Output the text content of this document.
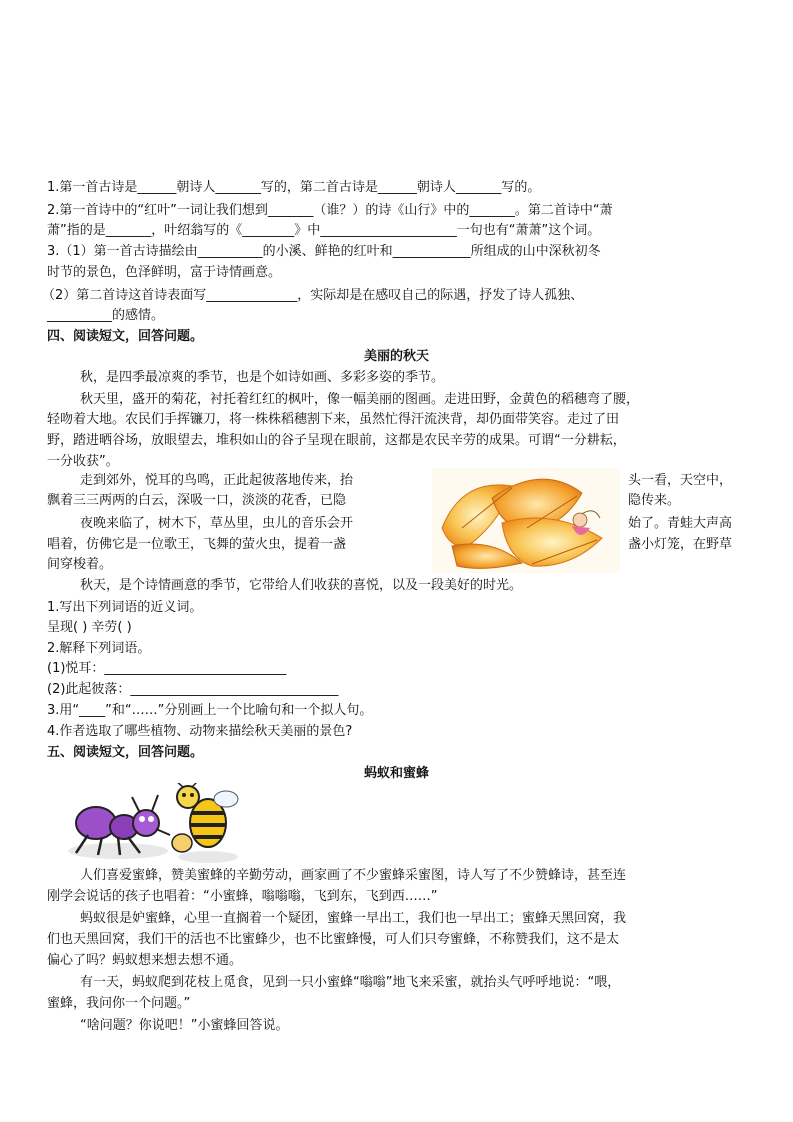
1.第一首古诗是______朝诗人_______写的，第二首古诗是______朝诗人_______写的。
2.第一首诗中的“红叶”一词让我们想到_______（谁？）的诗《山行》中的_______。第二首诗中“萧
萧”指的是_______，叶绍翁写的《________》中_____________________一句也有“萧萧”这个词。
3.（1）第一首古诗描绘由__________的小溪、鲜艳的红叶和____________所组成的山中深秋初冬
时节的景色，色泽鲜明，富于诗情画意。
（2）第二首诗这首诗表面写______________，实际却是在感叹自己的际遇，抒发了诗人孤独、
__________的感情。
四、阅读短文，回答问题。
美丽的秋天
秋，是四季最凉爽的季节，也是个如诗如画、多彩多姿的季节。
秋天里，盛开的菊花，衬托着红红的枫叶，像一幅美丽的图画。走进田野，金黄色的稻穗弯了腰，
轻吻着大地。农民们手挥镰刀，将一株株稻穗割下来，虽然忙得汗流浃背，却仍面带笑容。走过了田
野，踏进晒谷场，放眼望去，堆积如山的谷子呈现在眼前，这都是农民辛劳的成果。可谓“一分耕耘，
一分收获”。
走到郊外，悦耳的鸟鸣，正此起彼落地传来，抬	头一看，天空中，
飘着三三两两的白云，深吸一口，淡淡的花香，已隐	隐传来。
夜晚来临了，树木下，草丛里，虫儿的音乐会开	始了。青蛙大声高
唱着，仿佛它是一位歌王，飞舞的萤火虫，提着一盏	盏小灯笼，在野草
间穿梭着。
秋天，是个诗情画意的季节，它带给人们收获的喜悦，以及一段美好的时光。
1.写出下列词语的近义词。
呈现( ) 辛劳( )
2.解释下列词语。
(1)悦耳：____________________________
(2)此起彼落：________________________________
3.用“____”和“……”分别画上一个比喻句和一个拟人句。
4.作者选取了哪些植物、动物来描绘秋天美丽的景色?
五、阅读短文，回答问题。
蚂蚁和蜜蜂
人们喜爱蜜蜂，赞美蜜蜂的辛勤劳动，画家画了不少蜜蜂采蜜图，诗人写了不少赞蜂诗，甚至连
刚学会说话的孩子也唱着：“小蜜蜂，嗡嗡嗡，飞到东，飞到西……”
蚂蚁很是妒蜜蜂，心里一直搁着一个疑团，蜜蜂一早出工，我们也一早出工；蜜蜂天黑回窝，我
们也天黑回窝，我们干的活也不比蜜蜂少，也不比蜜蜂慢，可人们只夸蜜蜂，不称赞我们，这不是太
偏心了吗？蚂蚁想来想去想不通。
有一天，蚂蚁爬到花枝上觅食，见到一只小蜜蜂“嗡嗡”地飞来采蜜，就抬头气呼呼地说：“喂，
蜜蜂，我问你一个问题。”
“啥问题？你说吧！”小蜜蜂回答说。
